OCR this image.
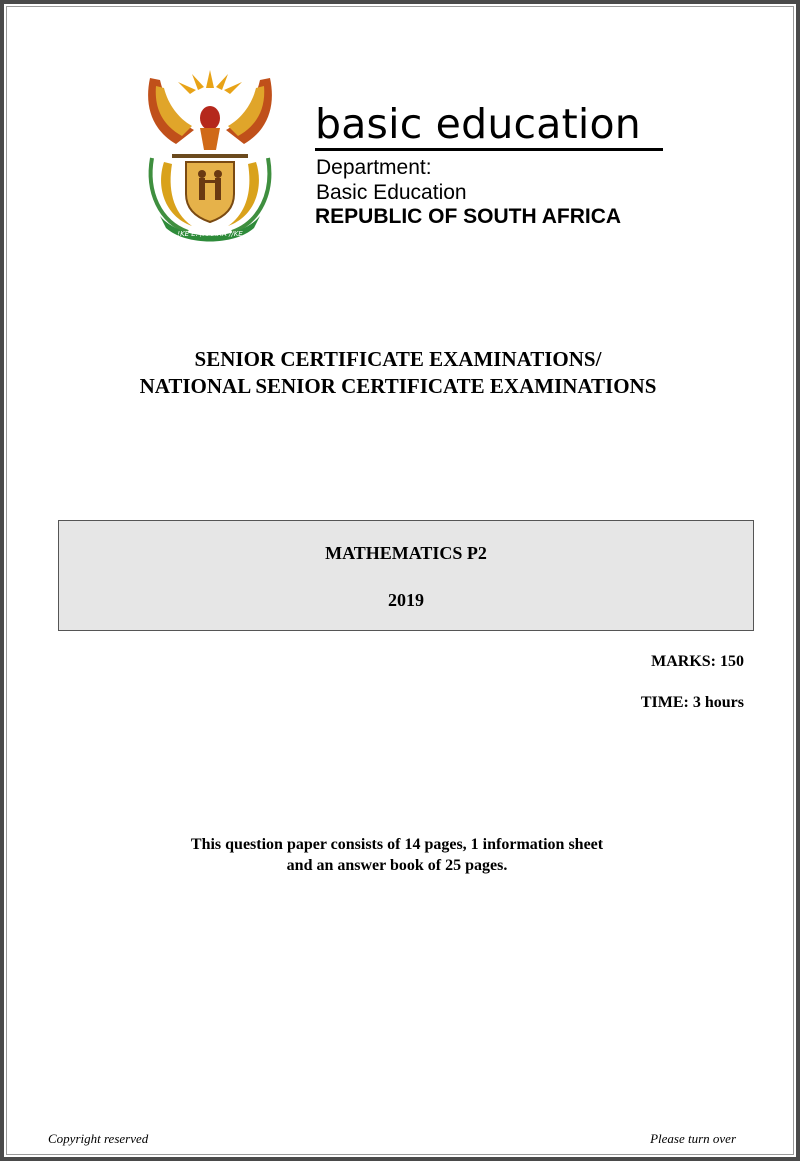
!KE E: /XARRA //KE
basic education
Department:
Basic Education
REPUBLIC OF SOUTH AFRICA
SENIOR CERTIFICATE EXAMINATIONS/
NATIONAL SENIOR CERTIFICATE EXAMINATIONS
MATHEMATICS P2
2019
MARKS: 150
TIME: 3 hours
This question paper consists of 14 pages, 1 information sheet
and an answer book of 25 pages.
Copyright reserved	Please turn over
